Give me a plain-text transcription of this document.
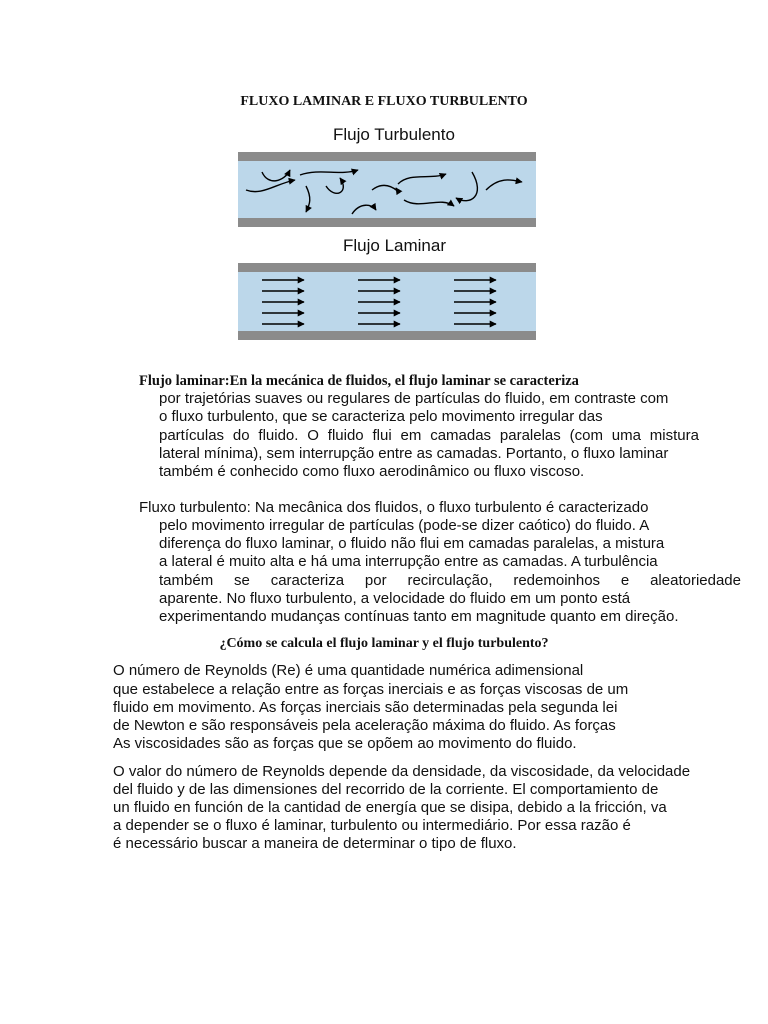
FLUXO LAMINAR E FLUXO TURBULENTO
Flujo Turbulento
Flujo Laminar
Flujo laminar:En la mecánica de fluidos, el flujo laminar se caracteriza
por trajetórias suaves ou regulares de partículas do fluido, em contraste com
o fluxo turbulento, que se caracteriza pelo movimento irregular das
partículas do fluido. O fluido flui em camadas paralelas (com uma mistura
lateral mínima), sem interrupção entre as camadas. Portanto, o fluxo laminar
também é conhecido como fluxo aerodinâmico ou fluxo viscoso.
Fluxo turbulento: Na mecânica dos fluidos, o fluxo turbulento é caracterizado
pelo movimento irregular de partículas (pode-se dizer caótico) do fluido. A
diferença do fluxo laminar, o fluido não flui em camadas paralelas, a mistura
a lateral é muito alta e há uma interrupção entre as camadas. A turbulência
também se caracteriza por recirculação, redemoinhos e aleatoriedade
aparente. No fluxo turbulento, a velocidade do fluido em um ponto está
experimentando mudanças contínuas tanto em magnitude quanto em direção.
¿Cómo se calcula el flujo laminar y el flujo turbulento?
O número de Reynolds (Re) é uma quantidade numérica adimensional
que estabelece a relação entre as forças inerciais e as forças viscosas de um
fluido em movimento. As forças inerciais são determinadas pela segunda lei
de Newton e são responsáveis pela aceleração máxima do fluido. As forças
As viscosidades são as forças que se opõem ao movimento do fluido.
O valor do número de Reynolds depende da densidade, da viscosidade, da velocidade
del fluido y de las dimensiones del recorrido de la corriente. El comportamiento de
un fluido en función de la cantidad de energía que se disipa, debido a la fricción, va
a depender se o fluxo é laminar, turbulento ou intermediário. Por essa razão é
é necessário buscar a maneira de determinar o tipo de fluxo.
